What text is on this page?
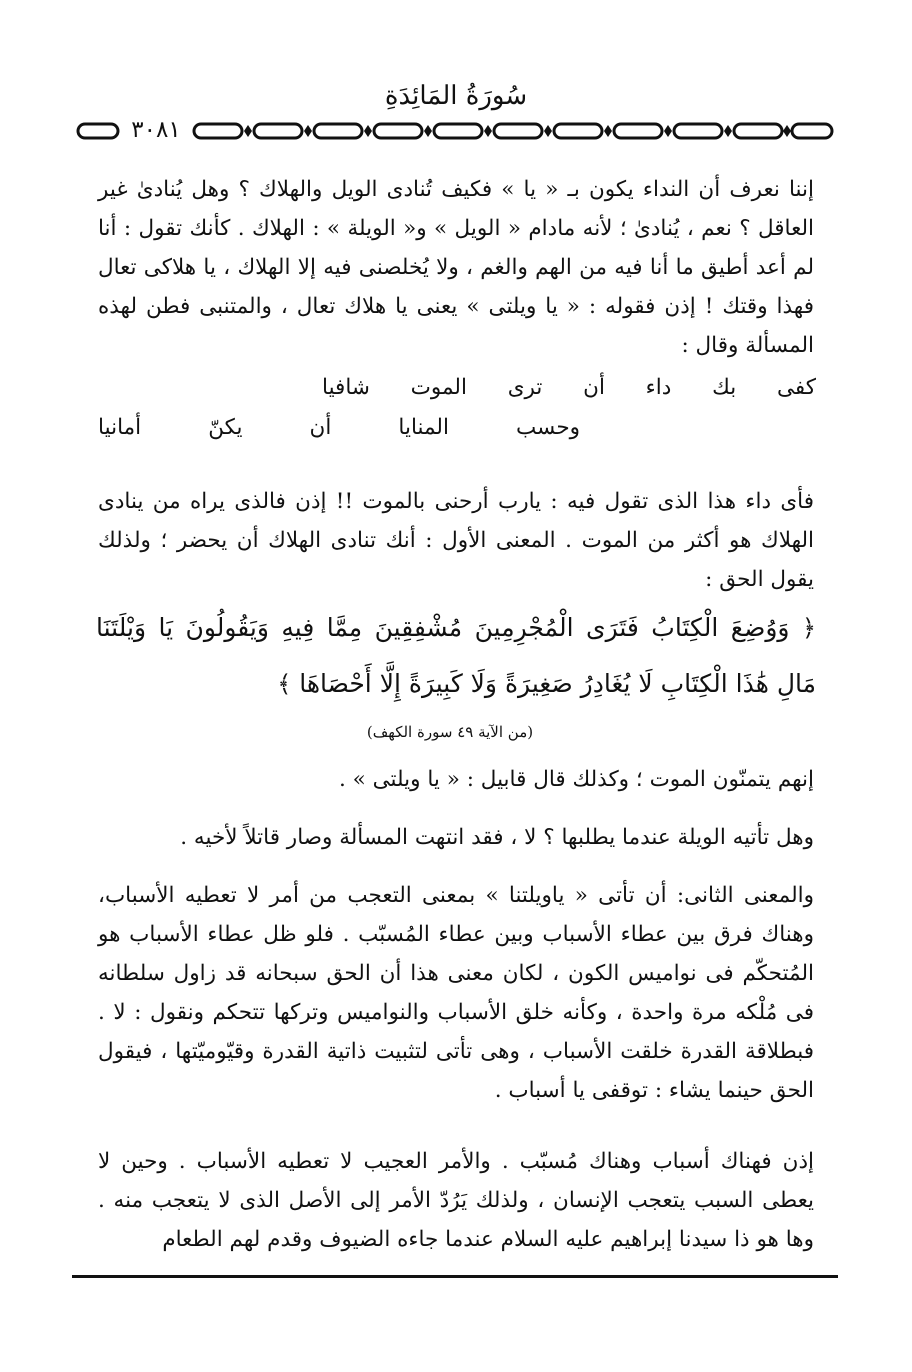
سُورَةُ المَائِدَةِ
٣٠٨١

إننا نعرف أن النداء يكون بـ « يا » فكيف تُنادى الويل والهلاك ؟ وهل يُنادىٰ غير العاقل ؟ نعم ، يُنادىٰ ؛ لأنه مادام « الويل » و« الويلة » : الهلاك . كأنك تقول : أنا لم أعد أطيق ما أنا فيه من الهم والغم ، ولا يُخلصنى فيه إلا الهلاك ، يا هلاكى تعال فهذا وقتك ! إذن فقوله : « يا ويلتى » يعنى يا هلاك تعال ، والمتنبى فطن لهذه المسألة وقال :

كفى
بك
داء
أن
ترى
الموت
شافيا
وحسب
المنايا
أن
يكنّ
أمانيا

فأى داء هذا الذى تقول فيه : يارب أرحنى بالموت !! إذن فالذى يراه من ينادى الهلاك هو أكثر من الموت . المعنى الأول : أنك تنادى الهلاك أن يحضر ؛ ولذلك يقول الحق :

﴿ وَوُضِعَ الْكِتَابُ فَتَرَى الْمُجْرِمِينَ مُشْفِقِينَ مِمَّا فِيهِ وَيَقُولُونَ يَا وَيْلَتَنَا مَالِ هَٰذَا الْكِتَابِ لَا يُغَادِرُ صَغِيرَةً وَلَا كَبِيرَةً إِلَّا أَحْصَاهَا ﴾

(من الآية ٤٩ سورة الكهف)

إنهم يتمنّون الموت ؛ وكذلك قال قابيل : « يا ويلتى » .

وهل تأتيه الويلة عندما يطلبها ؟ لا ، فقد انتهت المسألة وصار قاتلاً لأخيه .

والمعنى الثانى: أن تأتى « ياويلتنا » بمعنى التعجب من أمر لا تعطيه الأسباب، وهناك فرق بين عطاء الأسباب وبين عطاء المُسبّب . فلو ظل عطاء الأسباب هو المُتحكّم فى نواميس الكون ، لكان معنى هذا أن الحق سبحانه قد زاول سلطانه فى مُلْكه مرة واحدة ، وكأنه خلق الأسباب والنواميس وتركها تتحكم ونقول : لا . فبطلاقة القدرة خلقت الأسباب ، وهى تأتى لتثبيت ذاتية القدرة وقيّوميّتها ، فيقول الحق حينما يشاء : توقفى يا أسباب .

إذن فهناك أسباب وهناك مُسبّب . والأمر العجيب لا تعطيه الأسباب . وحين لا يعطى السبب يتعجب الإنسان ، ولذلك يَرُدّ الأمر إلى الأصل الذى لا يتعجب منه . وها هو ذا سيدنا إبراهيم عليه السلام عندما جاءه الضيوف وقدم لهم الطعام
